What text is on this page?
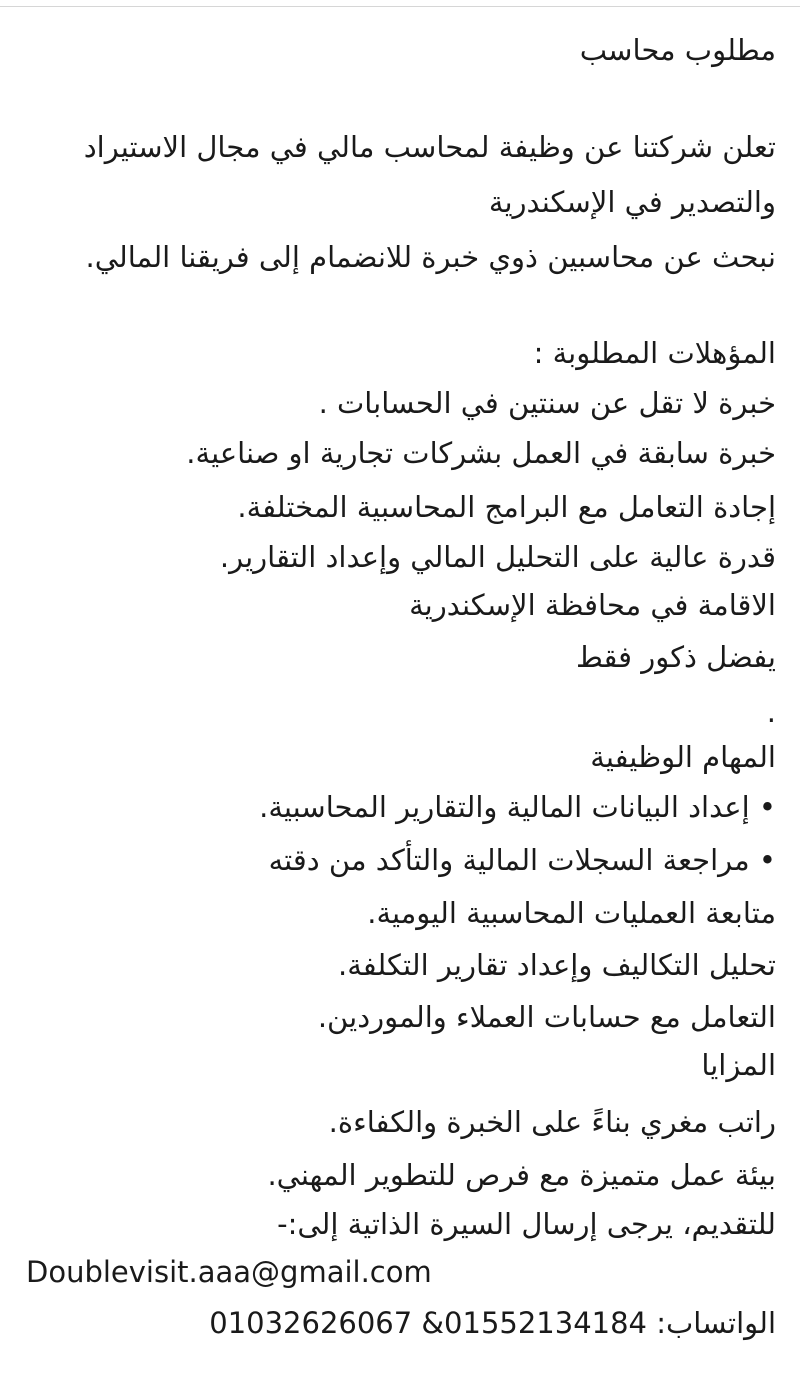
مطلوب محاسب
تعلن شركتنا عن وظيفة لمحاسب مالي في مجال الاستيراد
والتصدير في الإسكندرية
نبحث عن محاسبين ذوي خبرة للانضمام إلى فريقنا المالي.
المؤهلات المطلوبة :
خبرة لا تقل عن سنتين في الحسابات .
خبرة سابقة في العمل بشركات تجارية او صناعية.
إجادة التعامل مع البرامج المحاسبية المختلفة.
قدرة عالية على التحليل المالي وإعداد التقارير.
الاقامة في محافظة الإسكندرية
يفضل ذكور فقط
.
المهام الوظيفية
• إعداد البيانات المالية والتقارير المحاسبية.
• مراجعة السجلات المالية والتأكد من دقته
متابعة العمليات المحاسبية اليومية.
تحليل التكاليف وإعداد تقارير التكلفة.
التعامل مع حسابات العملاء والموردين.
المزايا
راتب مغري بناءً على الخبرة والكفاءة.
بيئة عمل متميزة مع فرص للتطوير المهني.
للتقديم، يرجى إرسال السيرة الذاتية إلى:-
Doublevisit.aaa@gmail.com
الواتساب: 01032626067 &01552134184
